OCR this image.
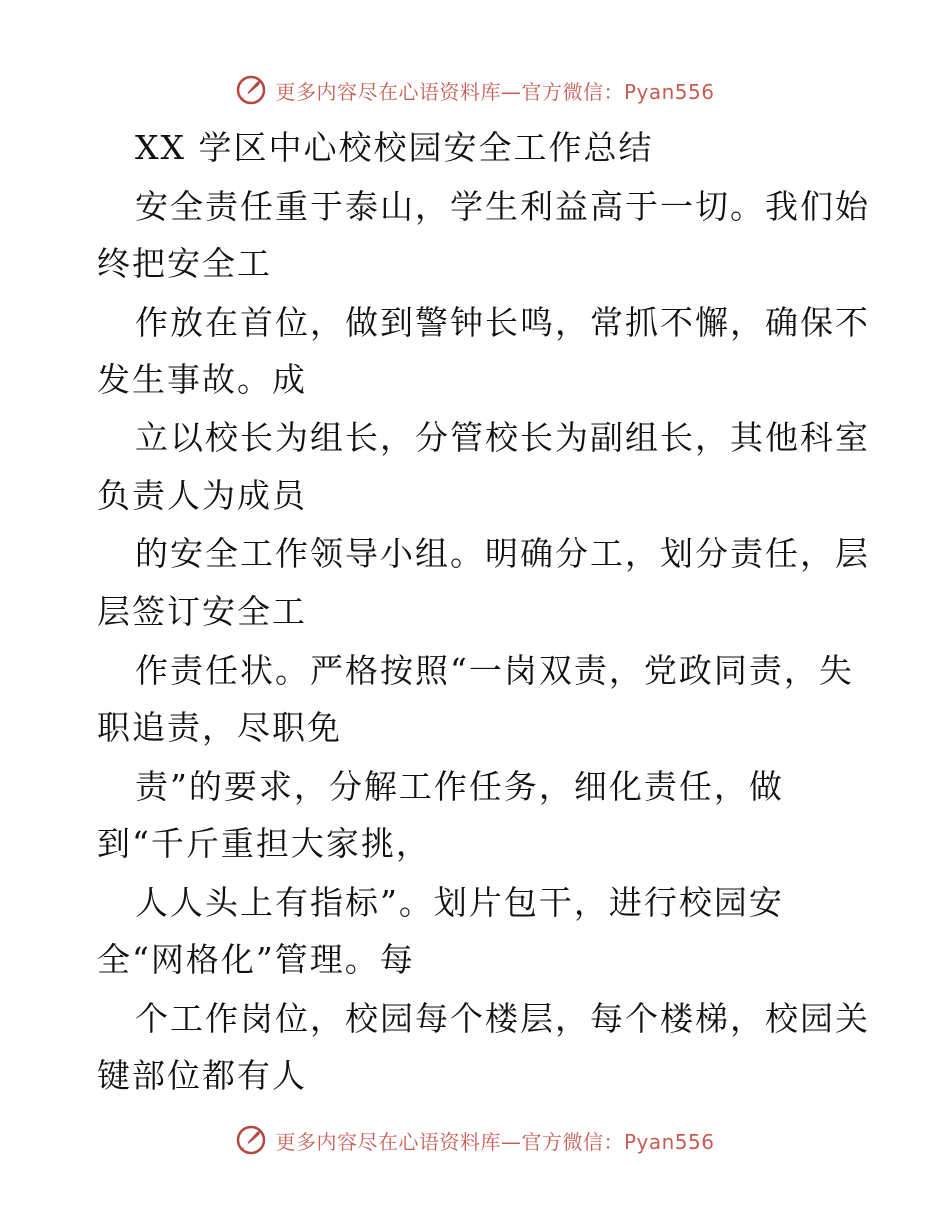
更多内容尽在心语资料库—官方微信：Pyan556
XX 学区中心校校园安全工作总结
安全责任重于泰山，学生利益高于一切。我们始
终把安全工
作放在首位，做到警钟长鸣，常抓不懈，确保不
发生事故。成
立以校长为组长，分管校长为副组长，其他科室
负责人为成员
的安全工作领导小组。明确分工，划分责任，层
层签订安全工
作责任状。严格按照“一岗双责，党政同责，失
职追责，尽职免
责”的要求，分解工作任务，细化责任，做
到“千斤重担大家挑，
人人头上有指标”。划片包干，进行校园安
全“网格化”管理。每
个工作岗位，校园每个楼层，每个楼梯，校园关
键部位都有人
更多内容尽在心语资料库—官方微信：Pyan556
